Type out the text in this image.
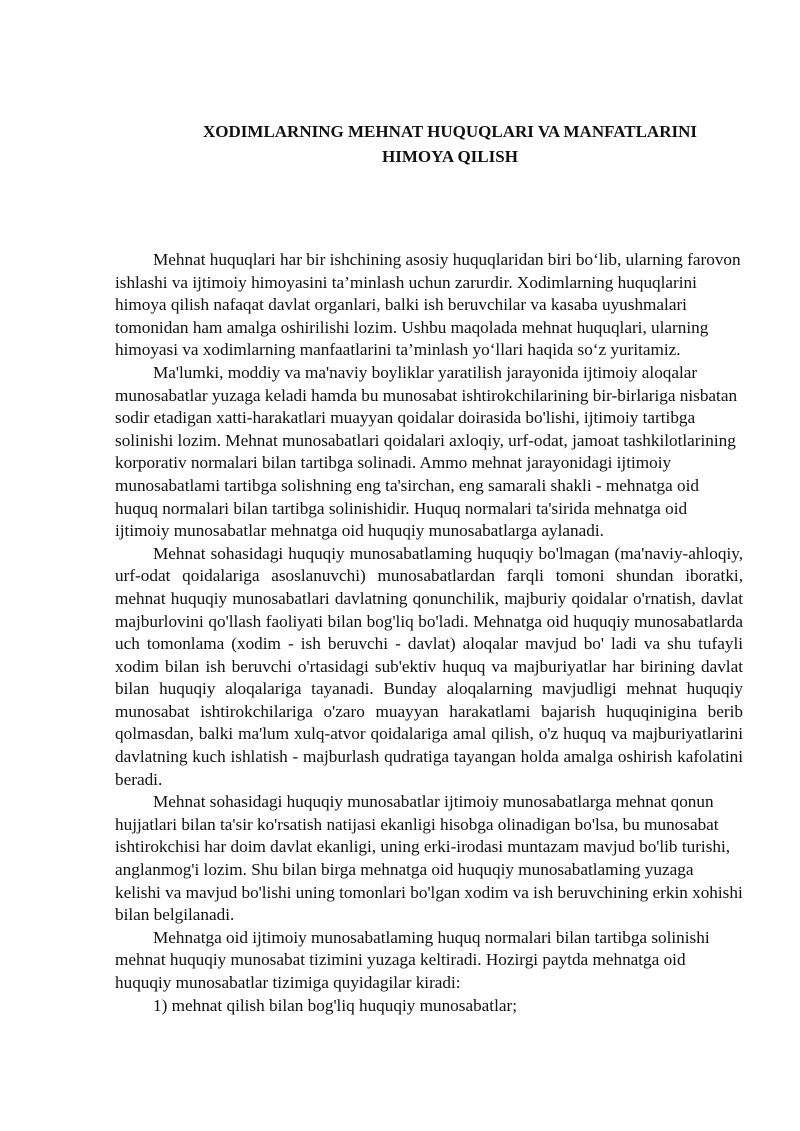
XODIMLARNING MEHNAT HUQUQLARI VA MANFATLARINI
HIMOYA QILISH

Mehnat huquqlari har bir ishchining asosiy huquqlaridan biri bo‘lib, ularning farovon ishlashi va ijtimoiy himoyasini ta’minlash uchun zarurdir. Xodimlarning huquqlarini himoya qilish nafaqat davlat organlari, balki ish beruvchilar va kasaba uyushmalari tomonidan ham amalga oshirilishi lozim. Ushbu maqolada mehnat huquqlari, ularning himoyasi va xodimlarning manfaatlarini ta’minlash yo‘llari haqida so‘z yuritamiz.

Ma'lumki, moddiy va ma'naviy boyliklar yaratilish jarayonida ijtimoiy aloqalar munosabatlar yuzaga keladi hamda bu munosabat ishtirokchilarining bir-birlariga nisbatan sodir etadigan xatti-harakatlari muayyan qoidalar doirasida bo'lishi, ijtimoiy tartibga solinishi lozim. Mehnat munosabatlari qoidalari axloqiy, urf-odat, jamoat tashkilotlarining korporativ normalari bilan tartibga solinadi. Ammo mehnat jarayonidagi ijtimoiy munosabatlami tartibga solishning eng ta'sirchan, eng samarali shakli - mehnatga oid huquq normalari bilan tartibga solinishidir. Huquq normalari ta'sirida mehnatga oid ijtimoiy munosabatlar mehnatga oid huquqiy munosabatlarga aylanadi.

Mehnat sohasidagi huquqiy munosabatlaming huquqiy bo'lmagan (ma'naviy-ahloqiy, urf-odat qoidalariga asoslanuvchi) munosabatlardan farqli tomoni shundan iboratki, mehnat huquqiy munosabatlari davlatning qonunchilik, majburiy qoidalar o'rnatish, davlat majburlovini qo'llash faoliyati bilan bog'liq bo'ladi. Mehnatga oid huquqiy munosabatlarda uch tomonlama (xodim - ish beruvchi - davlat) aloqalar mavjud bo' ladi va shu tufayli xodim bilan ish beruvchi o'rtasidagi sub'ektiv huquq va majburiyatlar har birining davlat bilan huquqiy aloqalariga tayanadi. Bunday aloqalarning mavjudligi mehnat huquqiy munosabat ishtirokchilariga o'zaro muayyan harakatlami bajarish huquqinigina berib qolmasdan, balki ma'lum xulq-atvor qoidalariga amal qilish, o'z huquq va majburiyatlarini davlatning kuch ishlatish - majburlash qudratiga tayangan holda amalga oshirish kafolatini beradi.

Mehnat sohasidagi huquqiy munosabatlar ijtimoiy munosabatlarga mehnat qonun hujjatlari bilan ta'sir ko'rsatish natijasi ekanligi hisobga olinadigan bo'lsa, bu munosabat ishtirokchisi har doim davlat ekanligi, uning erki-irodasi muntazam mavjud bo'lib turishi, anglanmog'i lozim. Shu bilan birga mehnatga oid huquqiy munosabatlaming yuzaga kelishi va mavjud bo'lishi uning tomonlari bo'lgan xodim va ish beruvchining erkin xohishi bilan belgilanadi.

Mehnatga oid ijtimoiy munosabatlaming huquq normalari bilan tartibga solinishi mehnat huquqiy munosabat tizimini yuzaga keltiradi. Hozirgi paytda mehnatga oid huquqiy munosabatlar tizimiga quyidagilar kiradi:

1) mehnat qilish bilan bog'liq huquqiy munosabatlar;
